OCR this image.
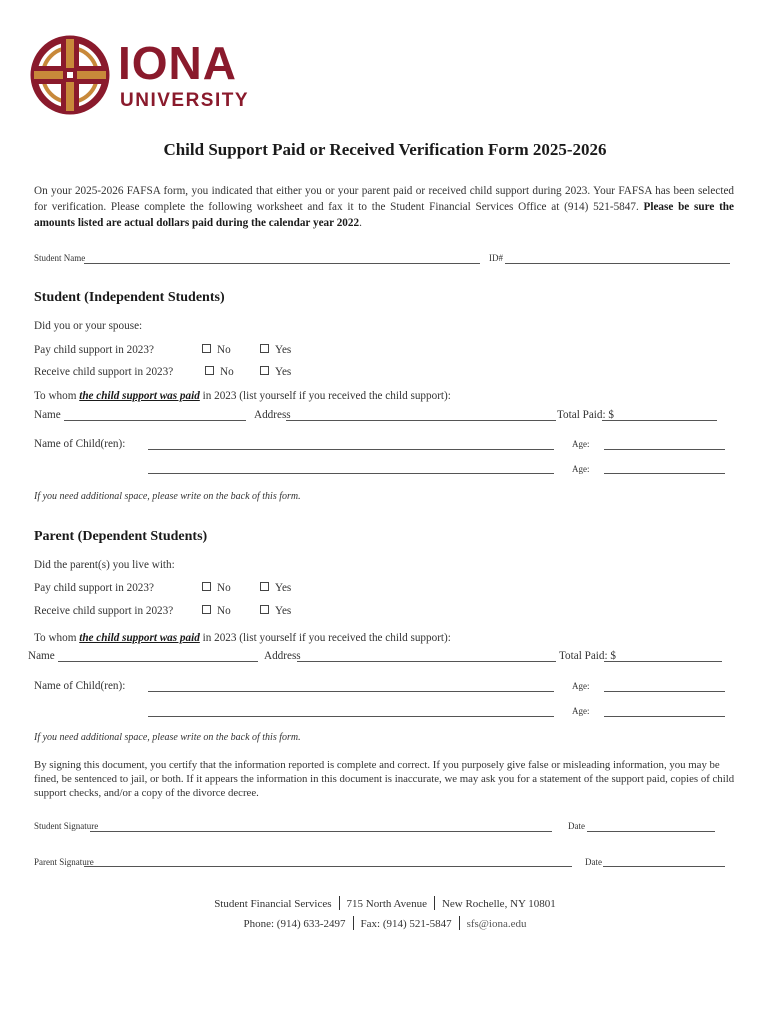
IONA
UNIVERSITY
Child Support Paid or Received Verification Form 2025-2026
On your 2025-2026 FAFSA form, you indicated that either you or your parent paid or received child support during 2023. Your FAFSA has been selected for verification. Please complete the following worksheet and fax it to the Student Financial Services Office at (914) 521-5847. Please be sure the amounts listed are actual dollars paid during the calendar year 2022.
Student Name	ID#
Student (Independent Students)
Did you or your spouse:
Pay child support in 2023?	No	Yes
Receive child support in 2023?	No	Yes
To whom the child support was paid in 2023 (list yourself if you received the child support):
Name	Address	Total Paid: $
Name of Child(ren):	Age:
Age:
If you need additional space, please write on the back of this form.
Parent (Dependent Students)
Did the parent(s) you live with:
Pay child support in 2023?	No	Yes
Receive child support in 2023?	No	Yes
To whom the child support was paid in 2023 (list yourself if you received the child support):
Name	Address	Total Paid: $
Name of Child(ren):	Age:
Age:
If you need additional space, please write on the back of this form.
By signing this document, you certify that the information reported is complete and correct. If you purposely give false or misleading information, you may be fined, be sentenced to jail, or both. If it appears the information in this document is inaccurate, we may ask you for a statement of the support paid, copies of child support checks, and/or a copy of the divorce decree.
Student Signature	Date
Parent Signature	Date
Student Financial Services 715 North Avenue New Rochelle, NY 10801
Phone: (914) 633-2497 Fax: (914) 521-5847 sfs@iona.edu
